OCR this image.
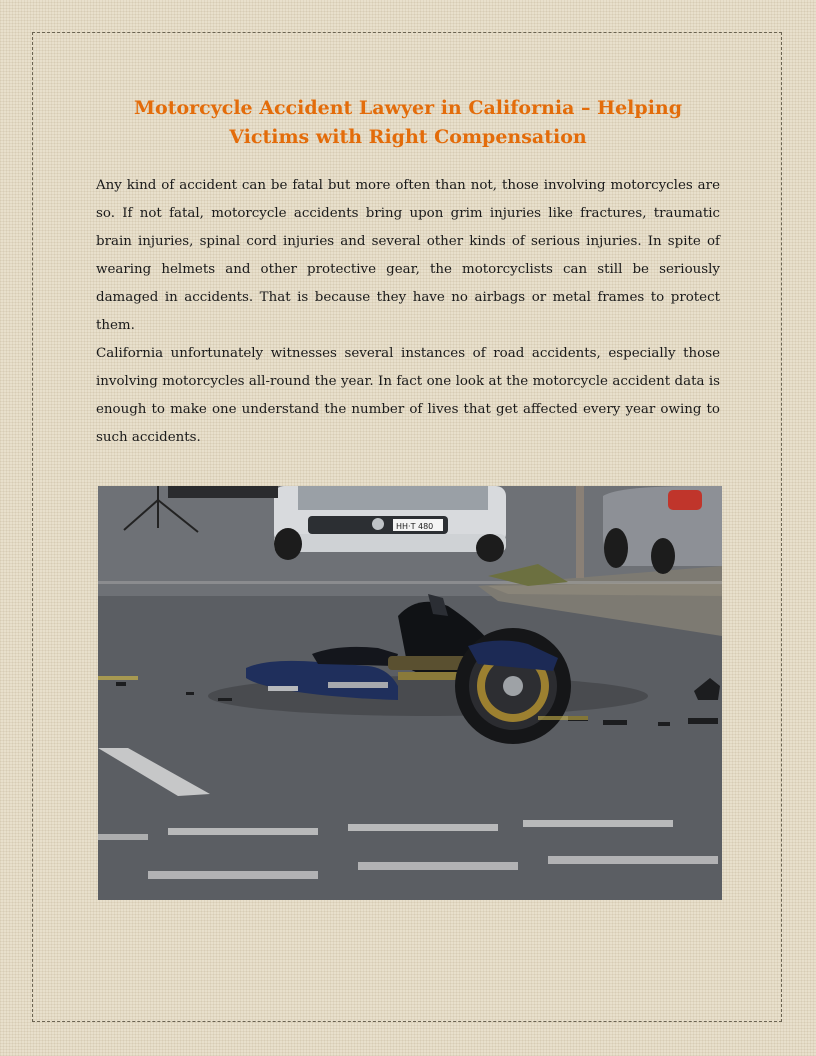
Motorcycle Accident Lawyer in California – Helping Victims with Right Compensation

Any kind of accident can be fatal but more often than not, those involving motorcycles are so. If not fatal, motorcycle accidents bring upon grim injuries like fractures, traumatic brain injuries, spinal cord injuries and several other kinds of serious injuries. In spite of wearing helmets and other protective gear, the motorcyclists can still be seriously damaged in accidents. That is because they have no airbags or metal frames to protect them.

California unfortunately witnesses several instances of road accidents, especially those involving motorcycles all-round the year. In fact one look at the motorcycle accident data is enough to make one understand the number of lives that get affected every year owing to such accidents.

HH·T 480
